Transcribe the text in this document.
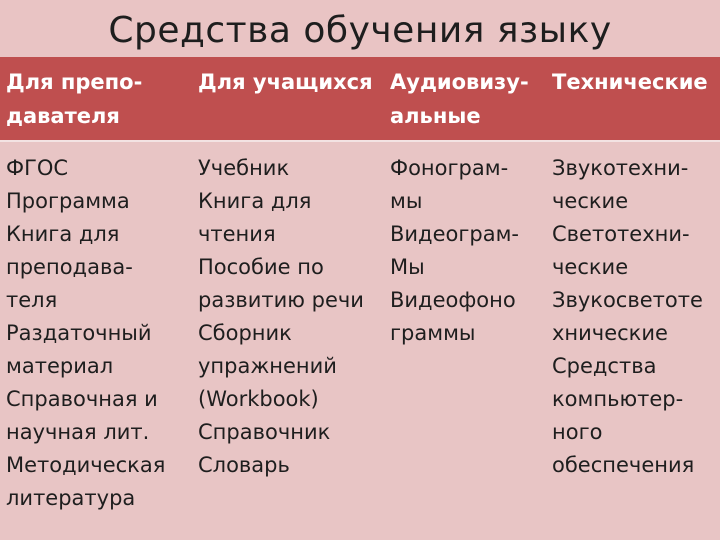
Средства обучения языку
Для препо-
давателя
Для учащихся Аудиовизу-
альные
Технические
ФГОС
Программа
Книга для
преподава-
теля
Раздаточный
материал
Справочная и
научная лит.
Методическая
литература
Учебник
Книга для
чтения
Пособие по
развитию речи
Сборник
упражнений
(Workbook)
Справочник
Словарь
Фонограм-
мы
Видеограм-
Мы
Видеофоно
граммы
Звукотехни-
ческие
Светотехни-
ческие
Звукосветоте
хнические
Средства
компьютер-
ного
обеспечения
